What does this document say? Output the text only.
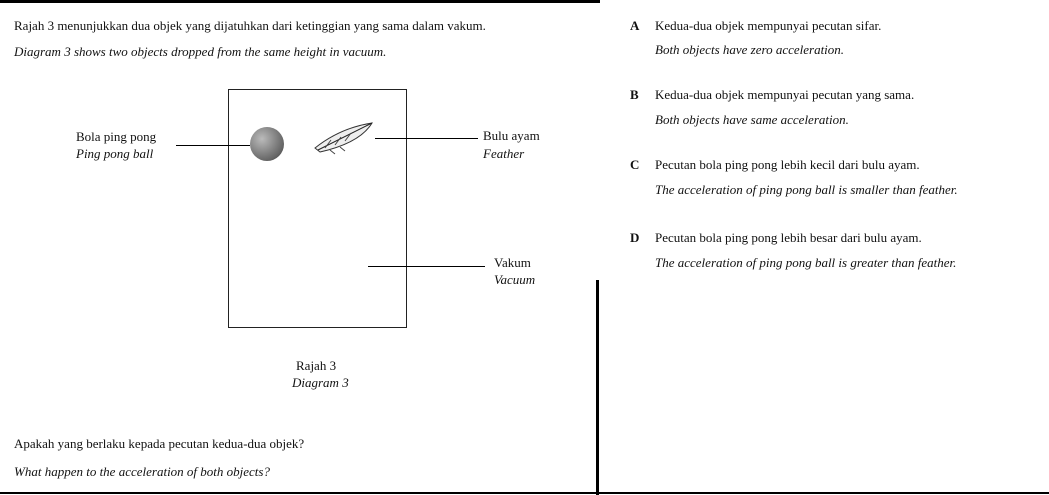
Rajah 3 menunjukkan dua objek yang dijatuhkan dari ketinggian yang sama dalam vakum.
Diagram 3 shows two objects dropped from the same height in vacuum.
Bola ping pong
Ping pong ball
Bulu ayam
Feather
Vakum
Vacuum
Rajah 3
Diagram 3
Apakah yang berlaku kepada pecutan kedua-dua objek?
What happen to the acceleration of both objects?
A Kedua-dua objek mempunyai pecutan sifar.
Both objects have zero acceleration.
B Kedua-dua objek mempunyai pecutan yang sama.
Both objects have same acceleration.
C Pecutan bola ping pong lebih kecil dari bulu ayam.
The acceleration of ping pong ball is smaller than feather.
D Pecutan bola ping pong lebih besar dari bulu ayam.
The acceleration of ping pong ball is greater than feather.
